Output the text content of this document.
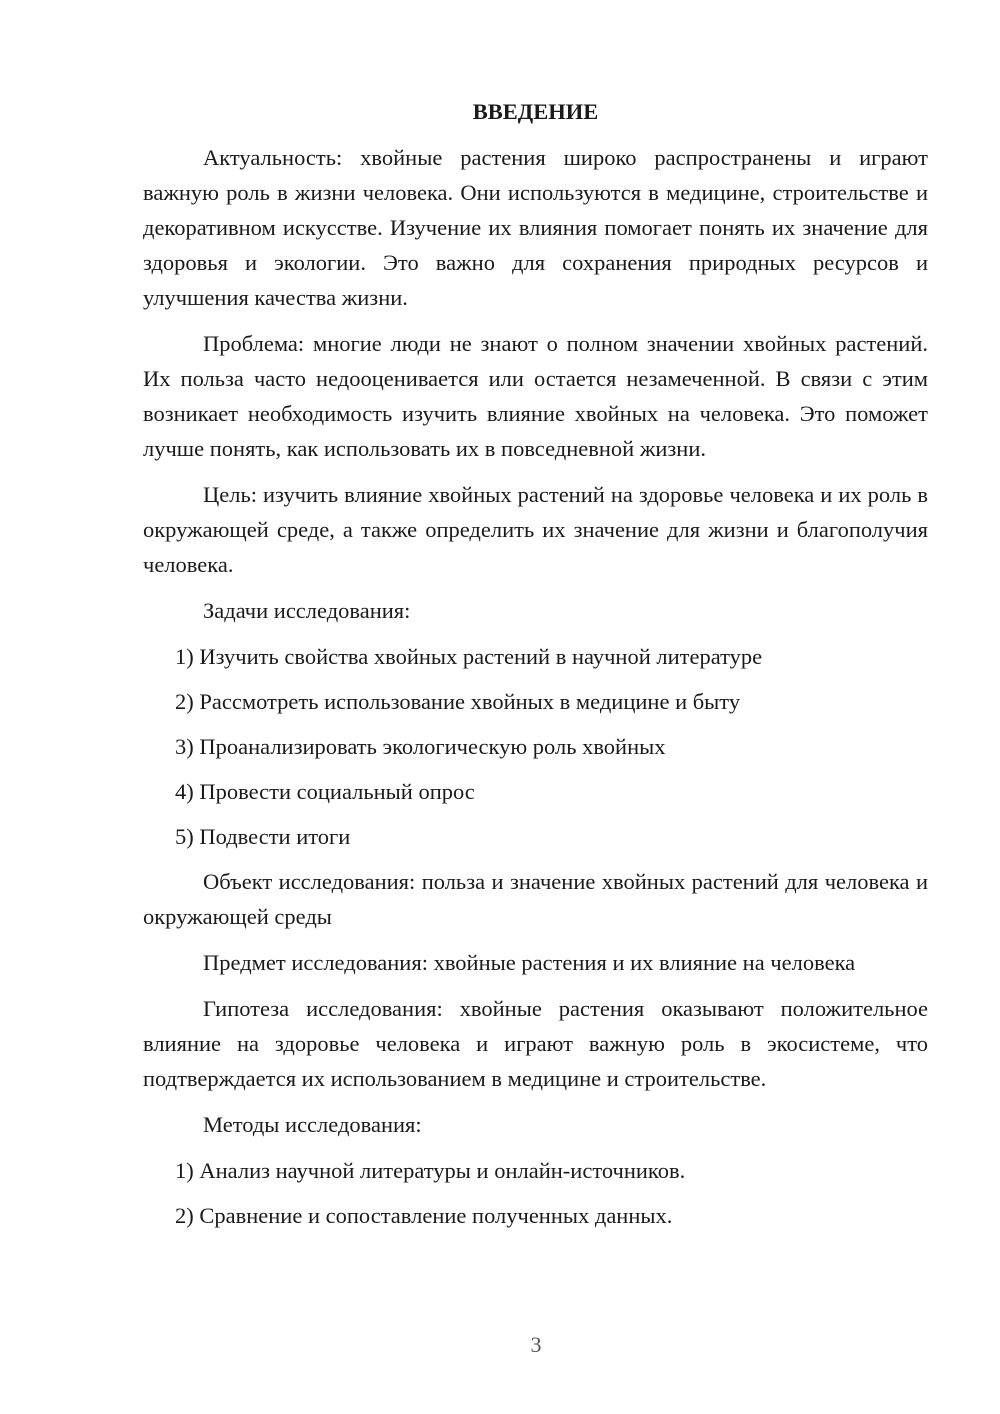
ВВЕДЕНИЕ

Актуальность: хвойные растения широко распространены и играют важную роль в жизни человека. Они используются в медицине, строительстве и декоративном искусстве. Изучение их влияния помогает понять их значение для здоровья и экологии. Это важно для сохранения природных ресурсов и улучшения качества жизни.

Проблема: многие люди не знают о полном значении хвойных растений. Их польза часто недооценивается или остается незамеченной. В связи с этим возникает необходимость изучить влияние хвойных на человека. Это поможет лучше понять, как использовать их в повседневной жизни.

Цель: изучить влияние хвойных растений на здоровье человека и их роль в окружающей среде, а также определить их значение для жизни и благополучия человека.

Задачи исследования:

1) Изучить свойства хвойных растений в научной литературе
2) Рассмотреть использование хвойных в медицине и быту
3) Проанализировать экологическую роль хвойных
4) Провести социальный опрос
5) Подвести итоги

Объект исследования: польза и значение хвойных растений для человека и окружающей среды

Предмет исследования: хвойные растения и их влияние на человека

Гипотеза исследования: хвойные растения оказывают положительное влияние на здоровье человека и играют важную роль в экосистеме, что подтверждается их использованием в медицине и строительстве.

Методы исследования:

1) Анализ научной литературы и онлайн-источников.
2) Сравнение и сопоставление полученных данных.
3
